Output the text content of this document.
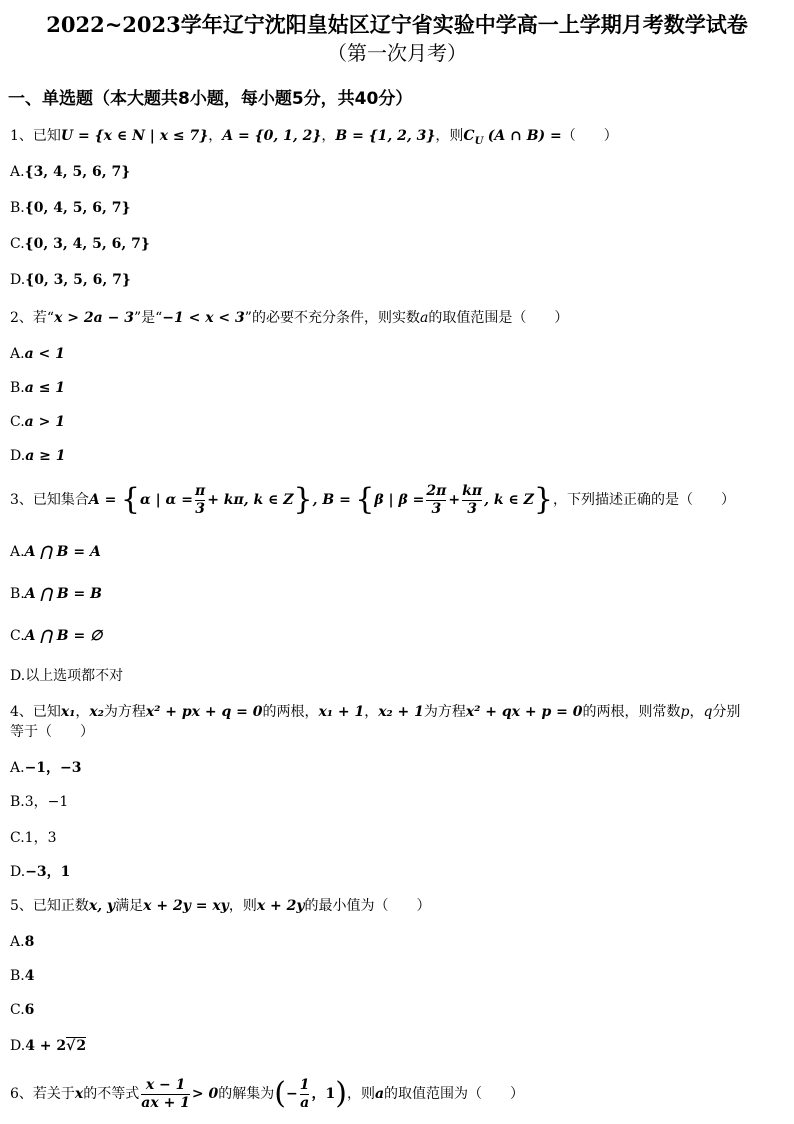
2022~2023学年辽宁沈阳皇姑区辽宁省实验中学高一上学期月考数学试卷
（第一次月考）
一、单选题（本大题共8小题，每小题5分，共40分）
1、已知U = {x ∈ N | x ≤ 7}，A = {0, 1, 2}，B = {1, 2, 3}，则$C_U$ (A ∩ B) =（　　）
A.{3, 4, 5, 6, 7}
B.{0, 4, 5, 6, 7}
C.{0, 3, 4, 5, 6, 7}
D.{0, 3, 5, 6, 7}
2、若“x > 2a − 3”是“−1 < x < 3”的必要不充分条件，则实数a的取值范围是（　　）
A.a < 1
B.a ≤ 1
C.a > 1
D.a ≥ 1
3、已知集合A = {α | $\alpha = \frac{\pi}{3} + k\pi$, k ∈ Z}, B = {β | $\beta = \frac{2\pi}{3} + \frac{k\pi}{3}$ , k ∈ Z}，下列描述正确的是（　　）
A.A ⋂ B = A
B.A ⋂ B = B
C.A ⋂ B = ∅
D.以上选项都不对
4、已知x₁，x₂为方程x² + px + q = 0的两根，x₁ + 1，x₂ + 1为方程x² + qx + p = 0的两根，则常数p，q分别
等于（　　）
A.−1，−3
B.3，−1
C.1，3
D.−3，1
5、已知正数x, y满足x + 2y = xy，则x + 2y的最小值为（　　）
A.8
B.4
C.6
D.4 + 2√2
6、若关于x的不等式 $\frac{x - 1}{ax + 1} > 0$的解集为(− $\frac{1}{a}$ ，1)，则a的取值范围为（　　）
